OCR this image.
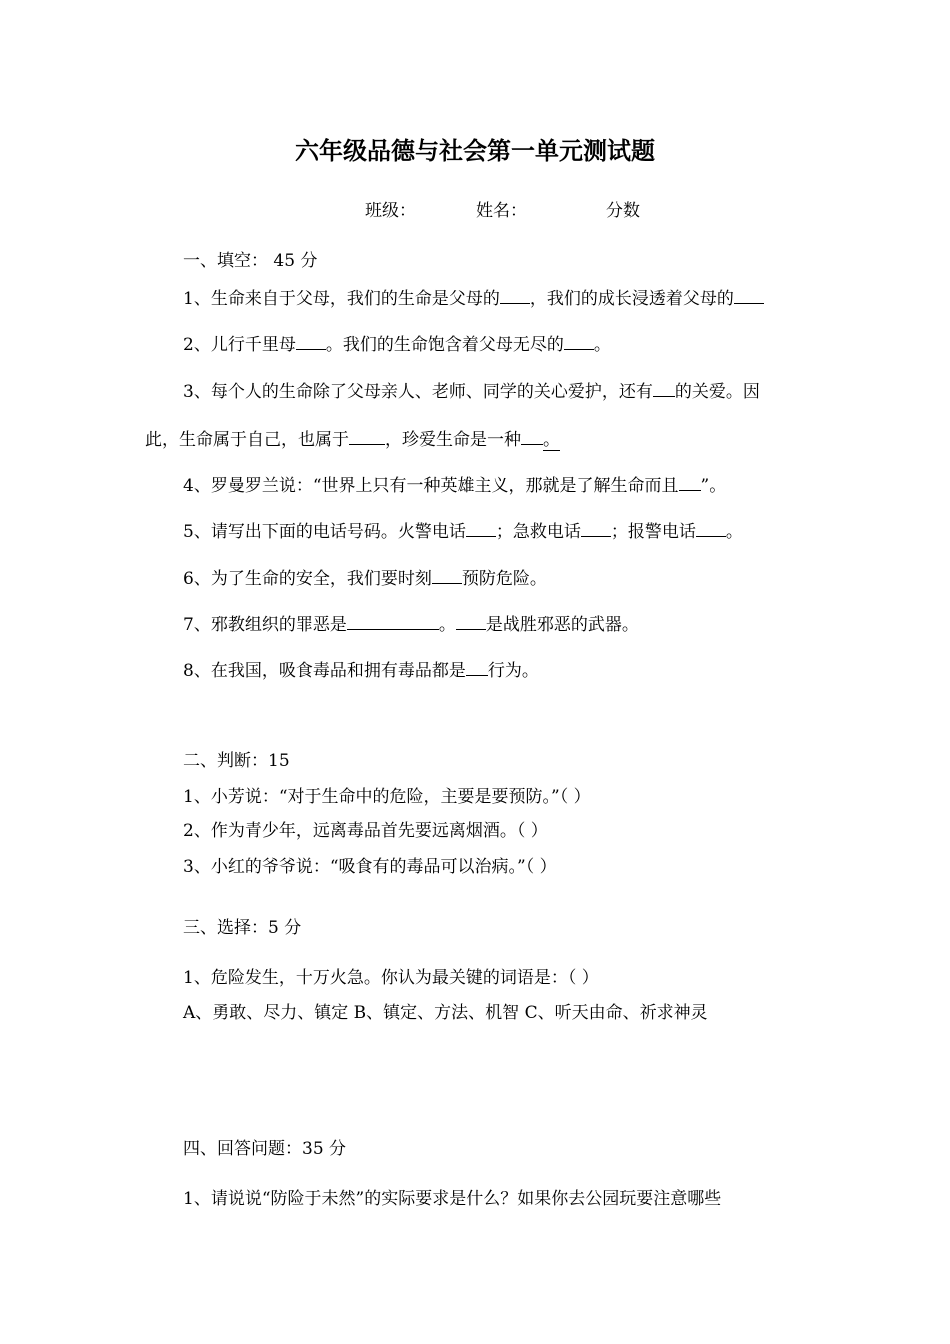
六年级品德与社会第一单元测试题
班级：	姓名：	分数
一、填空： 45 分
1、生命来自于父母，我们的生命是父母的 ，我们的成长浸透着父母的
2、儿行千里母 。我们的生命饱含着父母无尽的 。
3、每个人的生命除了父母亲人、老师、同学的关心爱护，还有 的关爱。因
此，生命属于自己，也属于 ，珍爱生命是一种 。
4、罗曼罗兰说：“世界上只有一种英雄主义，那就是了解生命而且 ”。
5、请写出下面的电话号码。火警电话 ；急救电话 ；报警电话 。
6、为了生命的安全，我们要时刻 预防危险。
7、邪教组织的罪恶是	。 是战胜邪恶的武器。
8、在我国，吸食毒品和拥有毒品都是 行为。
二、判断：15
1、小芳说：“对于生命中的危险，主要是要预防。”（ ）
2、作为青少年，远离毒品首先要远离烟酒。（ ）
3、小红的爷爷说：“吸食有的毒品可以治病。”（ ）
三、选择：5 分
1、危险发生，十万火急。你认为最关键的词语是：（ ）
A、勇敢、尽力、镇定 B、镇定、方法、机智 C、听天由命、祈求神灵
四、回答问题：35 分
1、请说说“防险于未然”的实际要求是什么？如果你去公园玩要注意哪些
